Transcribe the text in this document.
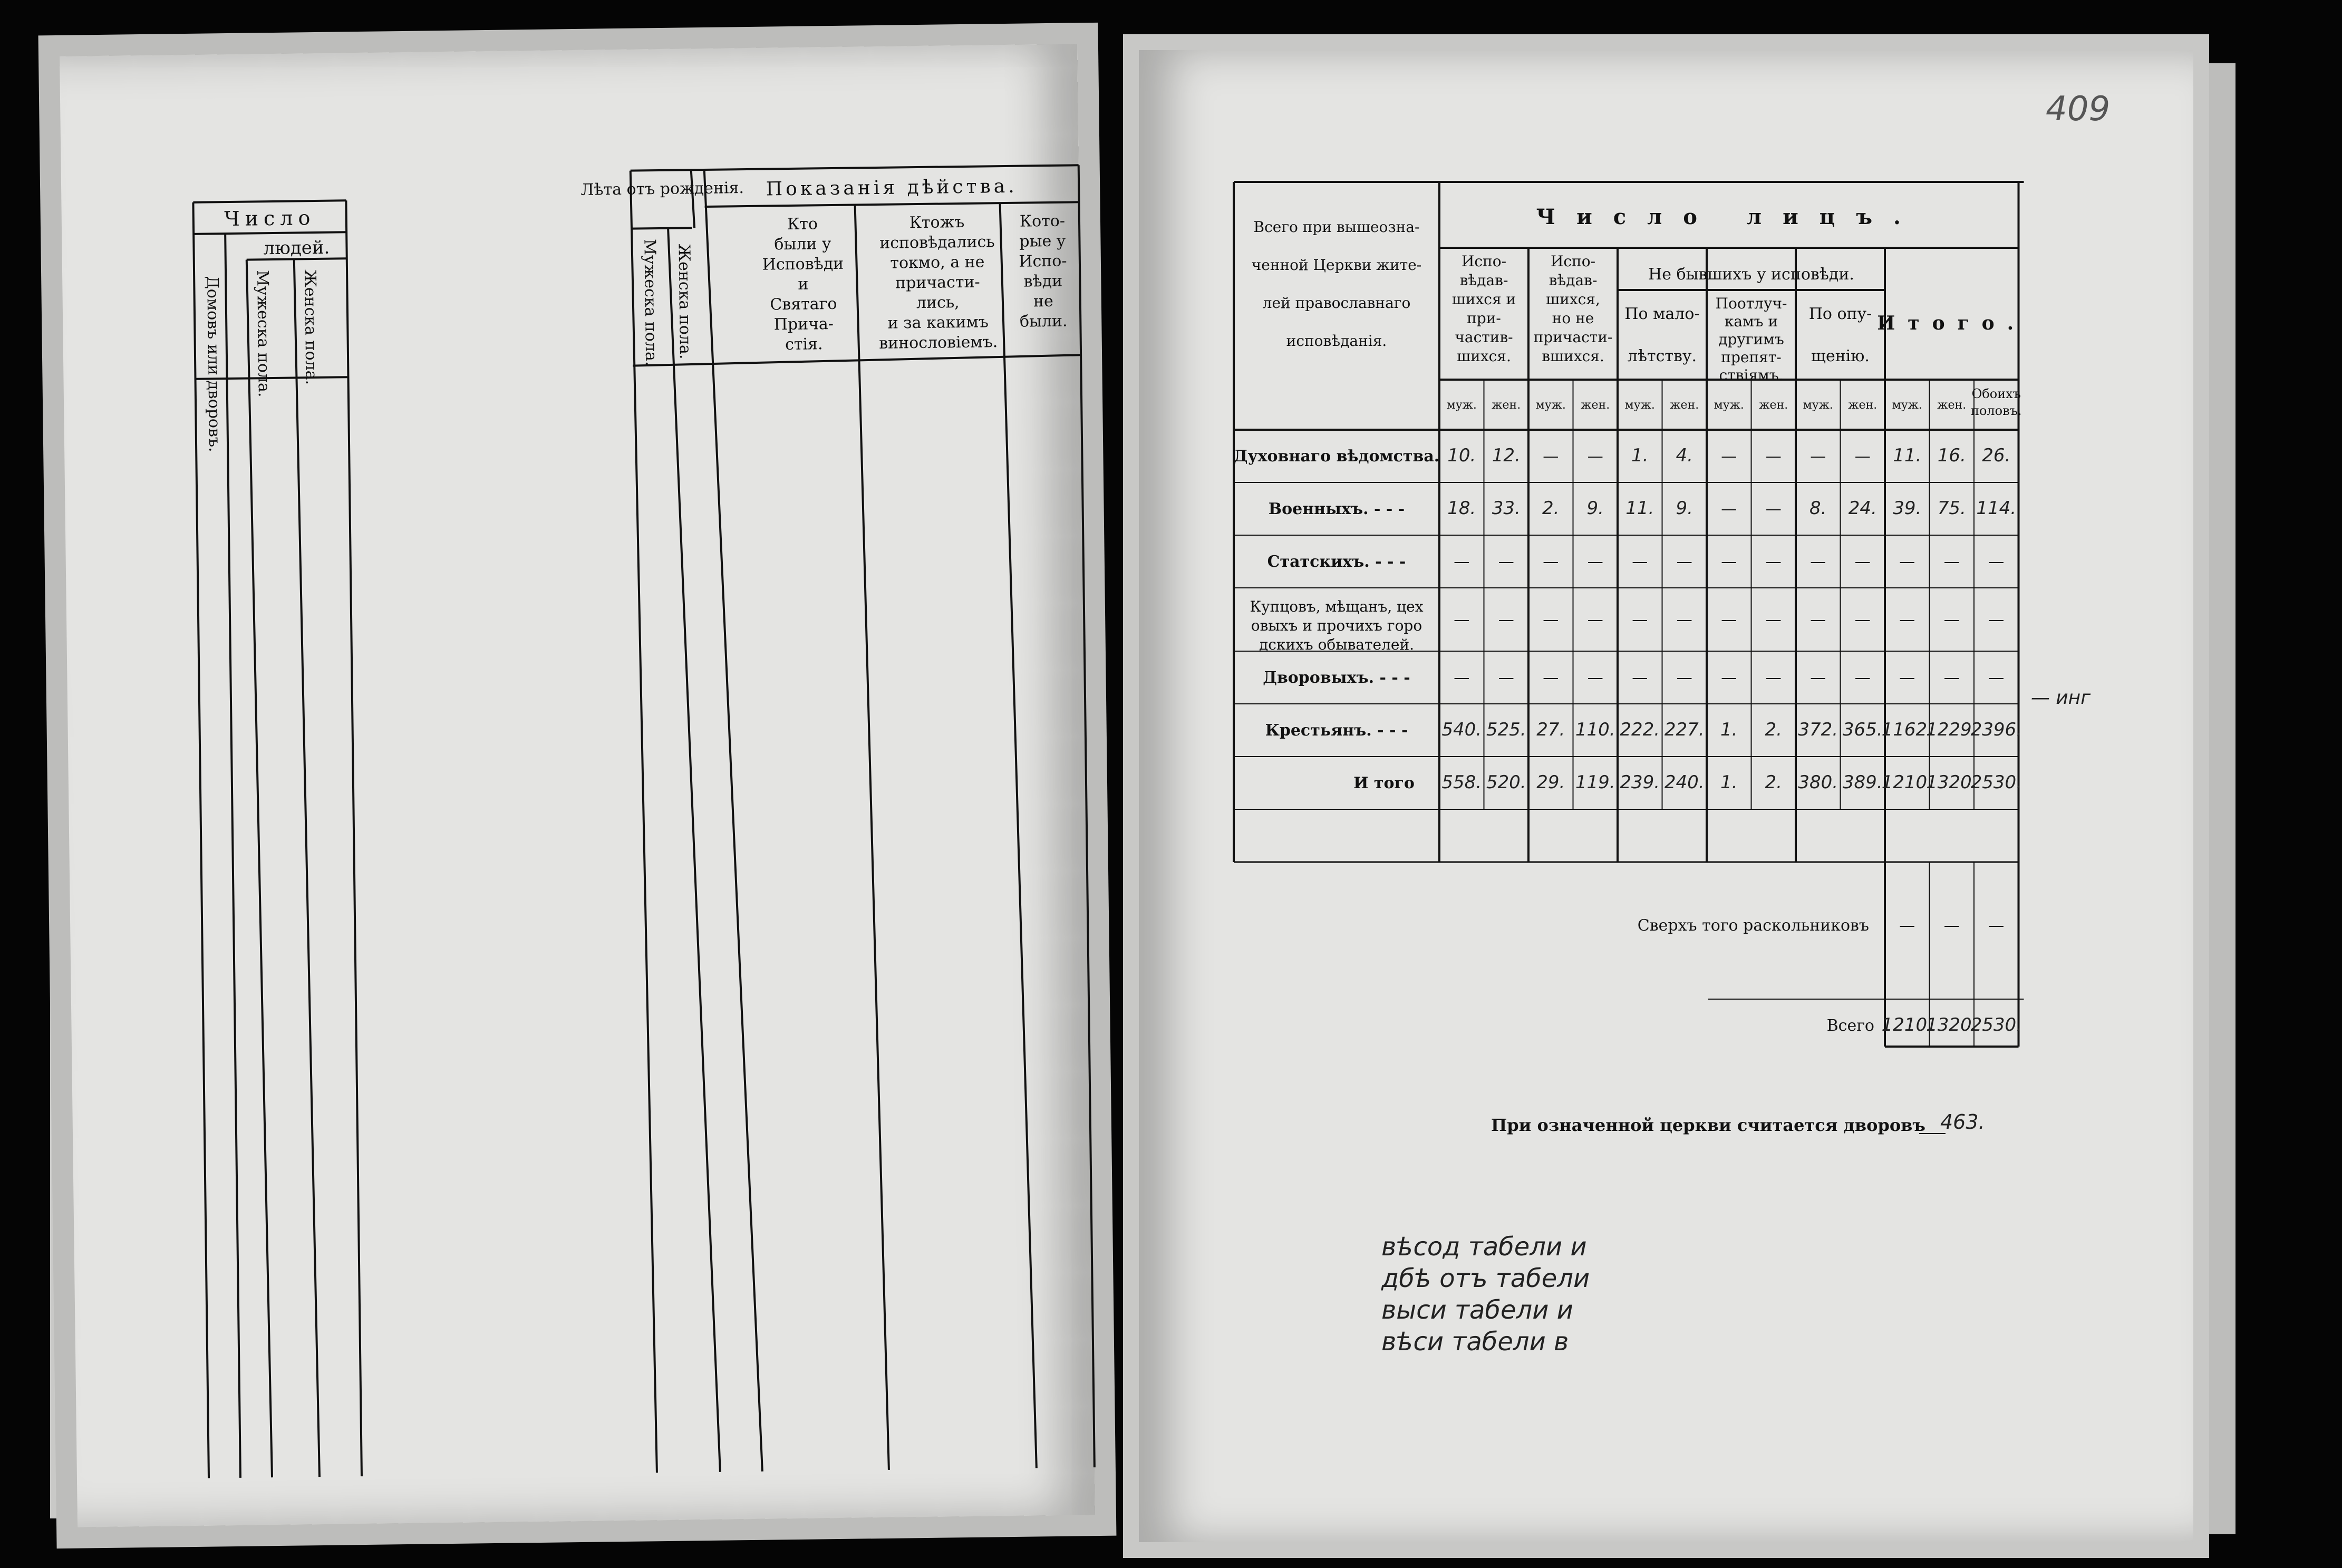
Число
людей.
Домовъ или дворовъ. Мужеска пола. Женска пола.
Лѣта отъ рожденія.
Мужеска пола. Женска пола.
Показанія дѣйства.
Кто
были у
Исповѣди
и
Святаго
Прича-
стія.
Ктожъ
исповѣдались
токмо, а не
причасти-
лись,
и за какимъ
винословіемъ.
Кото-
рые у
Испо-
вѣди
не
были.
409
Всего при вышеозна-
ченной Церкви жите-
лей православнаго
исповѣданія.
Число лицъ.
Испо-
вѣдав-
шихся и
при-
частив-
шихся.
Испо-
вѣдав-
шихся,
но не
причасти-
вшихся.
Не бывшихъ у исповѣди.
По мало-
лѣтству.
Поотлуч-
камъ и
другимъ
препят-
ствіямъ.
По опу-
щенію.
Итого.
муж. жен. муж. жен. муж. жен. муж. жен. муж. жен. муж. жен.
Обоихъ
половъ.
Духовнаго вѣдомства. 10. 12. — — 1. 4. — — — — 11. 16. 26.
Военныхъ. - - - 18. 33. 2. 9. 11. 9. — — 8. 24. 39. 75. 114.
Статскихъ. - - -	— — — — — — — — — — — — —
Купцовъ, мѣщанъ, цех
овыхъ и прочихъ горо
дскихъ обывателей.
— — — — — — — — — — — — —
Дворовыхъ. - - -	— — — — — — — — — — — — —
Крестьянъ. - - - 540. 525. 27. 110. 222. 227. 1. 2. 372. 365.
1162.
1229.
2396.
И того 558. 520. 29. 119. 239. 240. 1. 2. 380. 389.
1210.
1320.
2530.
— инг
Сверхъ того раскольниковъ — — —
Всего 1210.
1320.
2530.
При означенной церкви считается дворовъ 463.
вѣсод табели и
дбѣ отъ табели
выси табели и
вѣси табели в
